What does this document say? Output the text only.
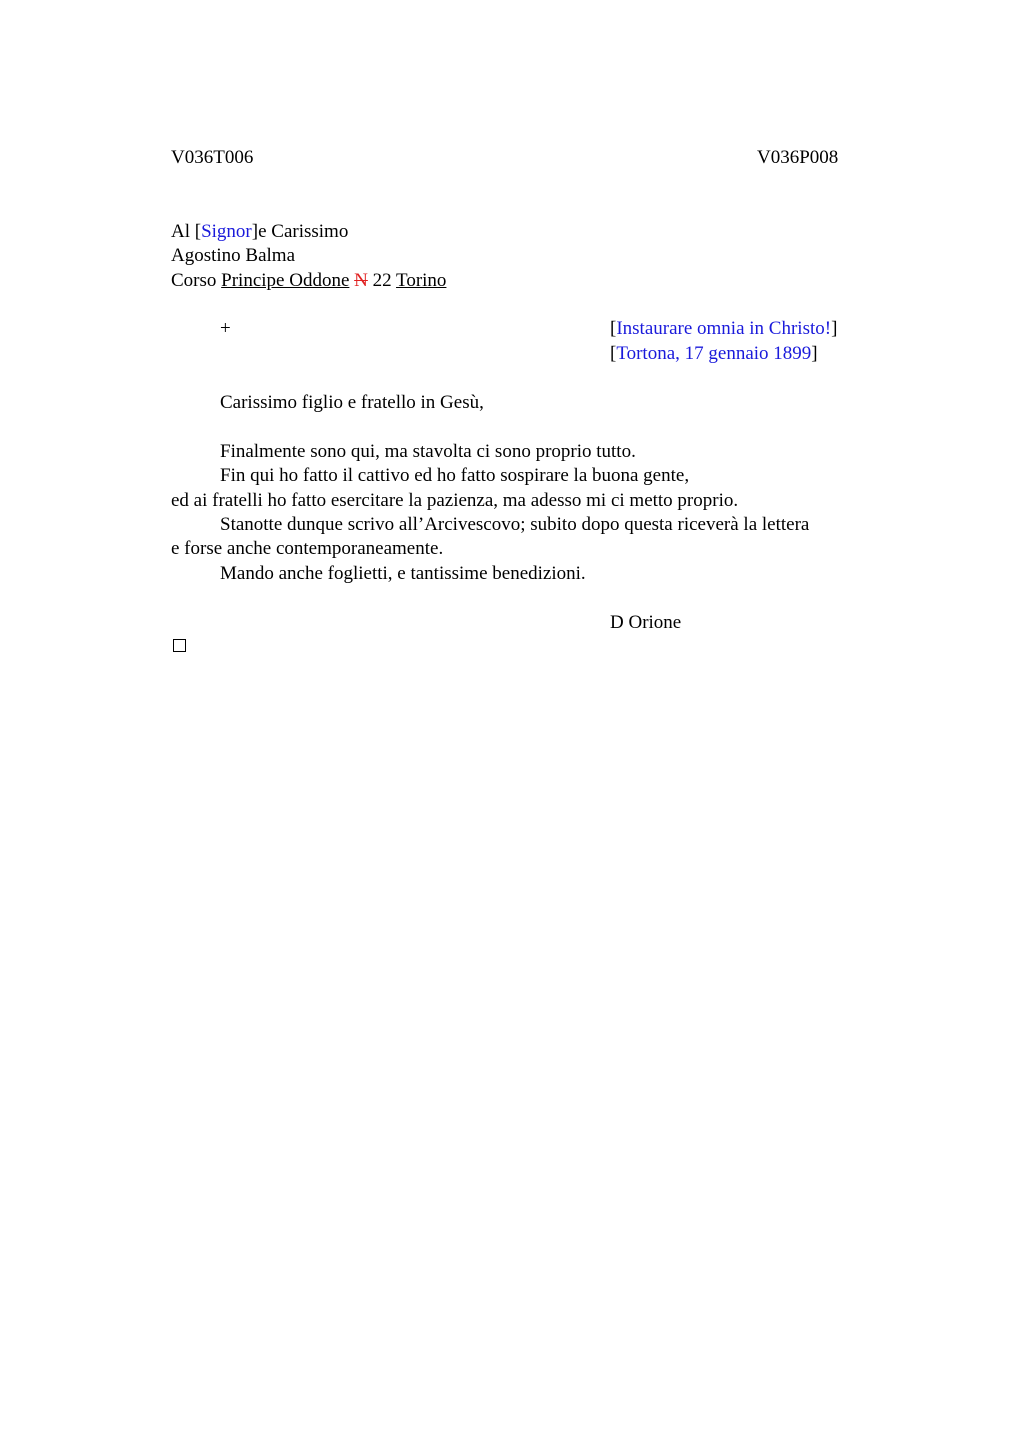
V036T006	V036P008
Al [Signor]e Carissimo
Agostino Balma
Corso Principe Oddone N 22 Torino
+	[Instaurare omnia in Christo!]
[Tortona, 17 gennaio 1899]
Carissimo figlio e fratello in Gesù,
Finalmente sono qui, ma stavolta ci sono proprio tutto.
Fin qui ho fatto il cattivo ed ho fatto sospirare la buona gente,
ed ai fratelli ho fatto esercitare la pazienza, ma adesso mi ci metto proprio.
Stanotte dunque scrivo all’Arcivescovo; subito dopo questa riceverà la lettera
e forse anche contemporaneamente.
Mando anche foglietti, e tantissime benedizioni.
D Orione
